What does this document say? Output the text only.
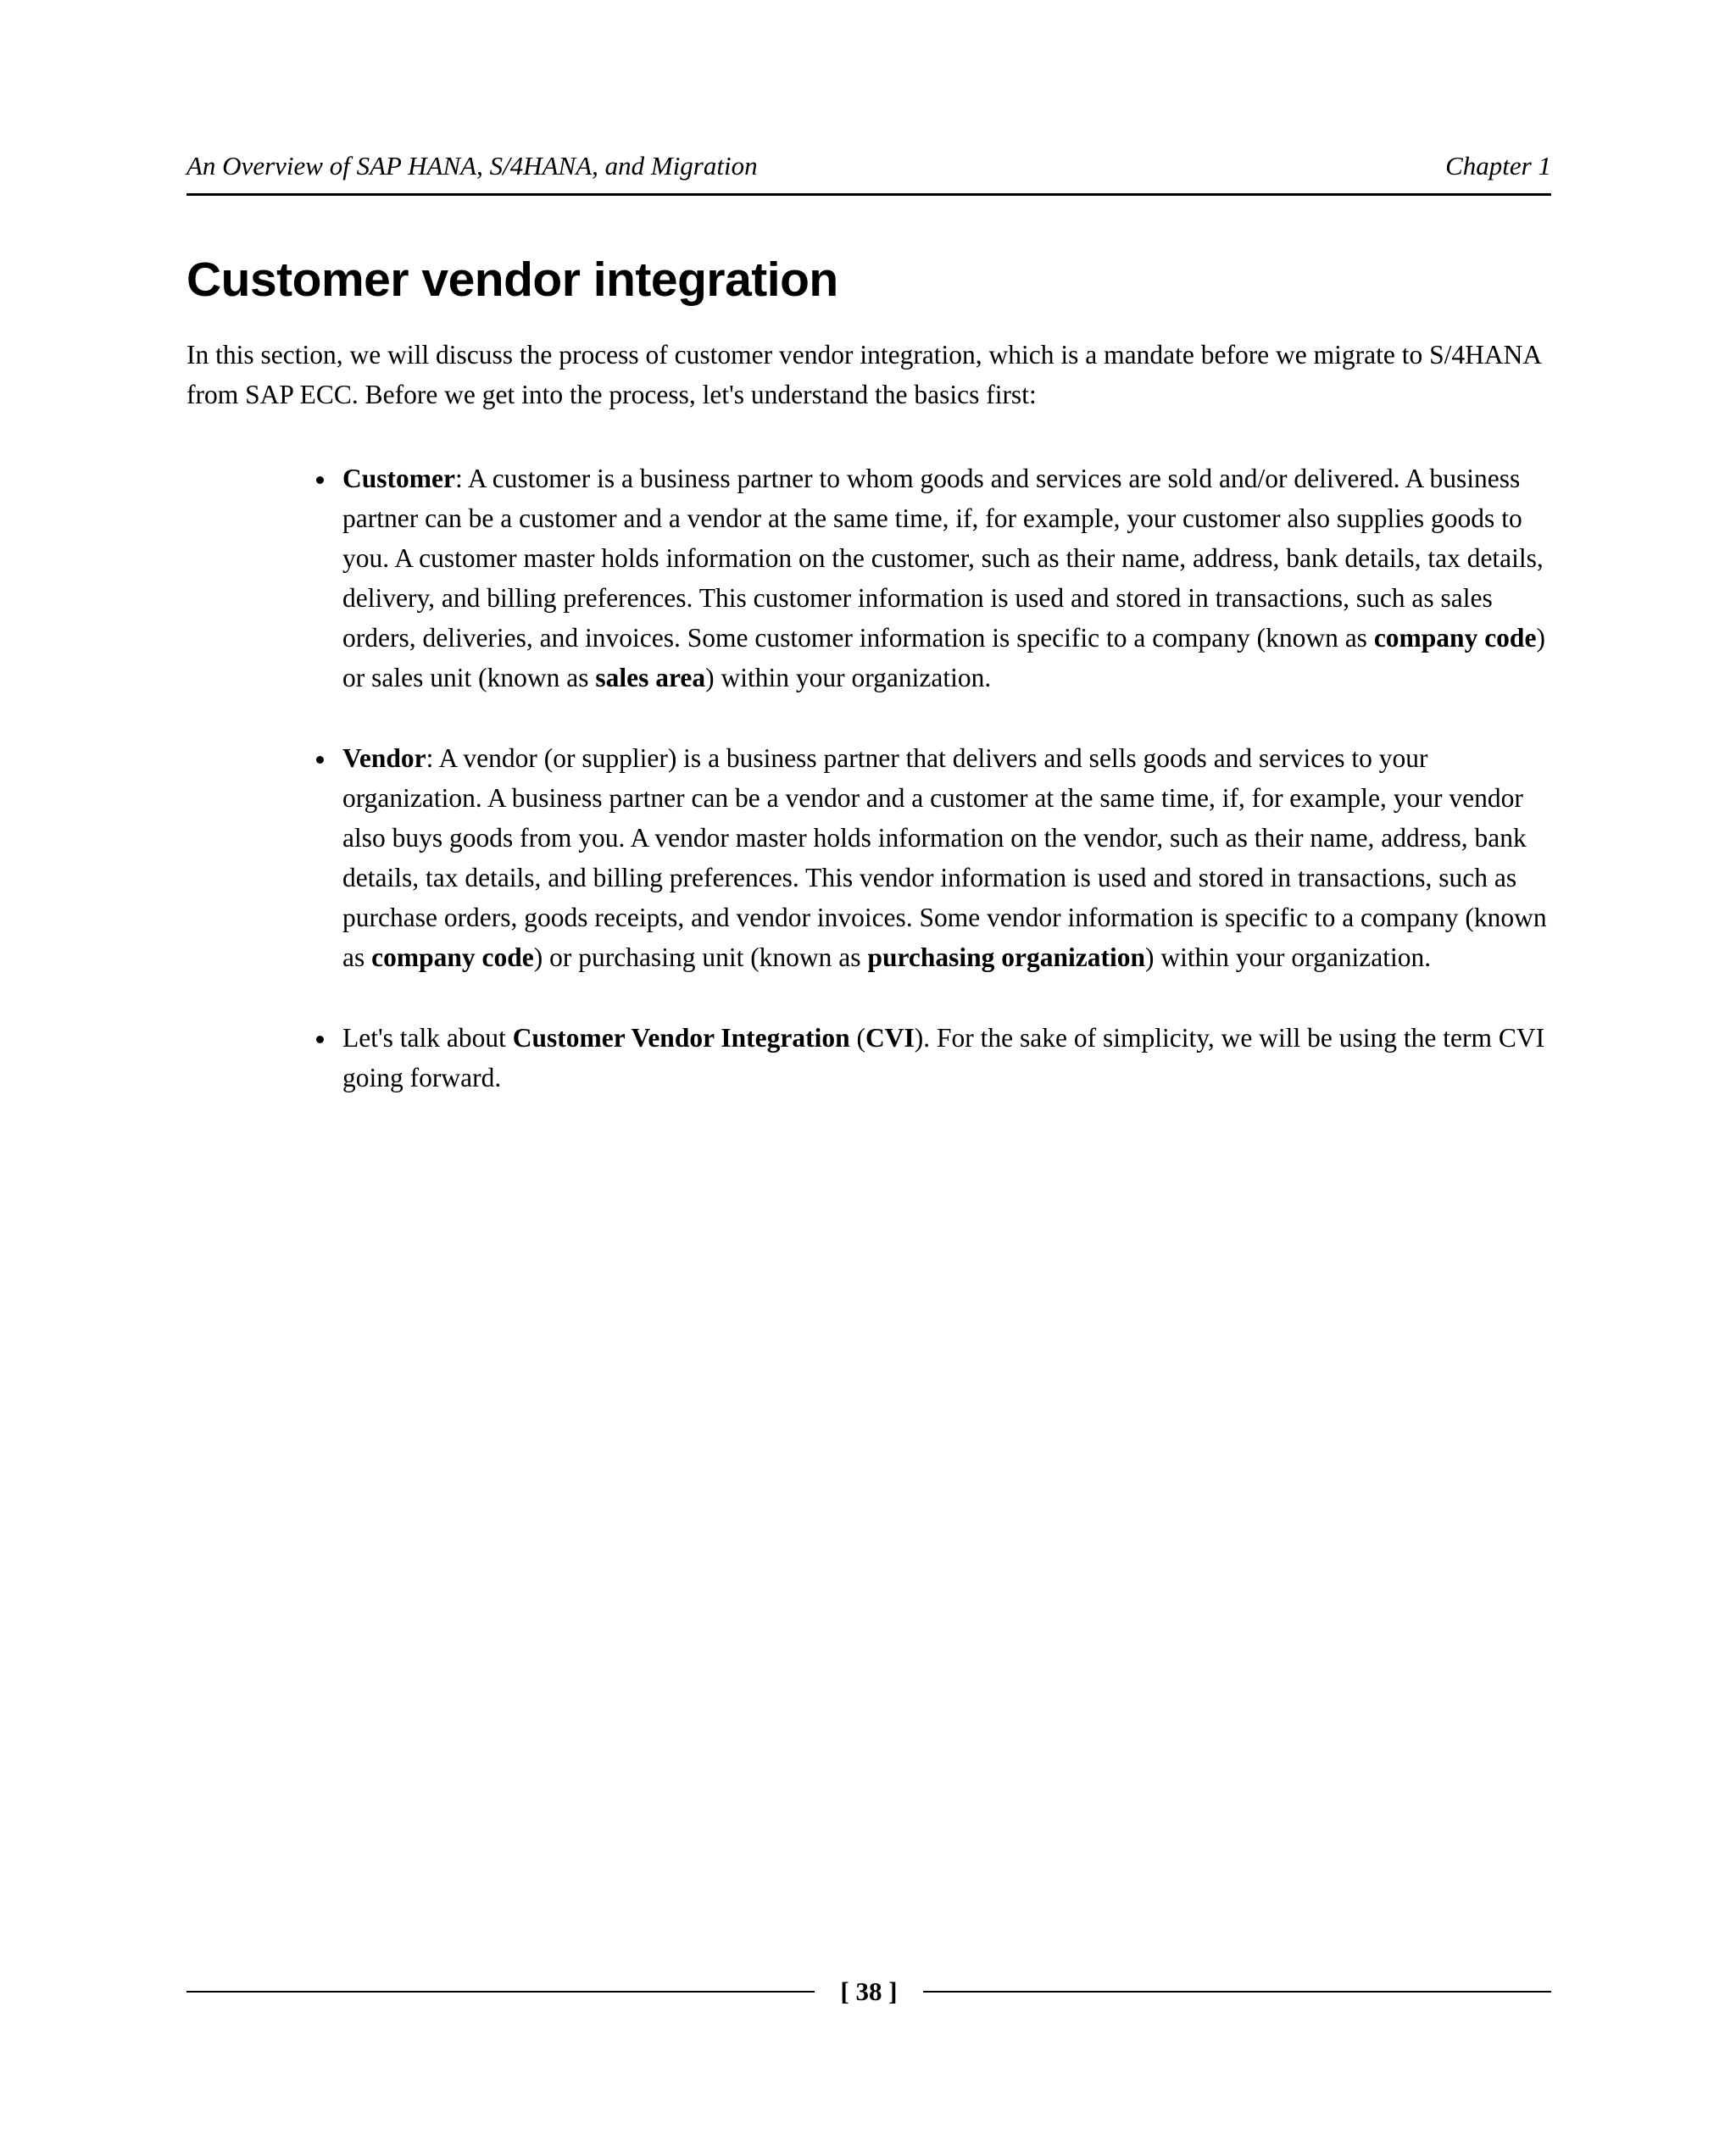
An Overview of SAP HANA, S/4HANA, and Migration	Chapter 1
Customer vendor integration

In this section, we will discuss the process of customer vendor integration, which is a mandate before we migrate to S/4HANA from SAP ECC. Before we get into the process, let's understand the basics first:

• Customer: A customer is a business partner to whom goods and services are sold and/or delivered. A business partner can be a customer and a vendor at the same time, if, for example, your customer also supplies goods to you. A customer master holds information on the customer, such as their name, address, bank details, tax details, delivery, and billing preferences. This customer information is used and stored in transactions, such as sales orders, deliveries, and invoices. Some customer information is specific to a company (known as company code) or sales unit (known as sales area) within your organization.
• Vendor: A vendor (or supplier) is a business partner that delivers and sells goods and services to your organization. A business partner can be a vendor and a customer at the same time, if, for example, your vendor also buys goods from you. A vendor master holds information on the vendor, such as their name, address, bank details, tax details, and billing preferences. This vendor information is used and stored in transactions, such as purchase orders, goods receipts, and vendor invoices. Some vendor information is specific to a company (known as company code) or purchasing unit (known as purchasing organization) within your organization.
• Let's talk about Customer Vendor Integration (CVI). For the sake of simplicity, we will be using the term CVI going forward.
[ 38 ]
